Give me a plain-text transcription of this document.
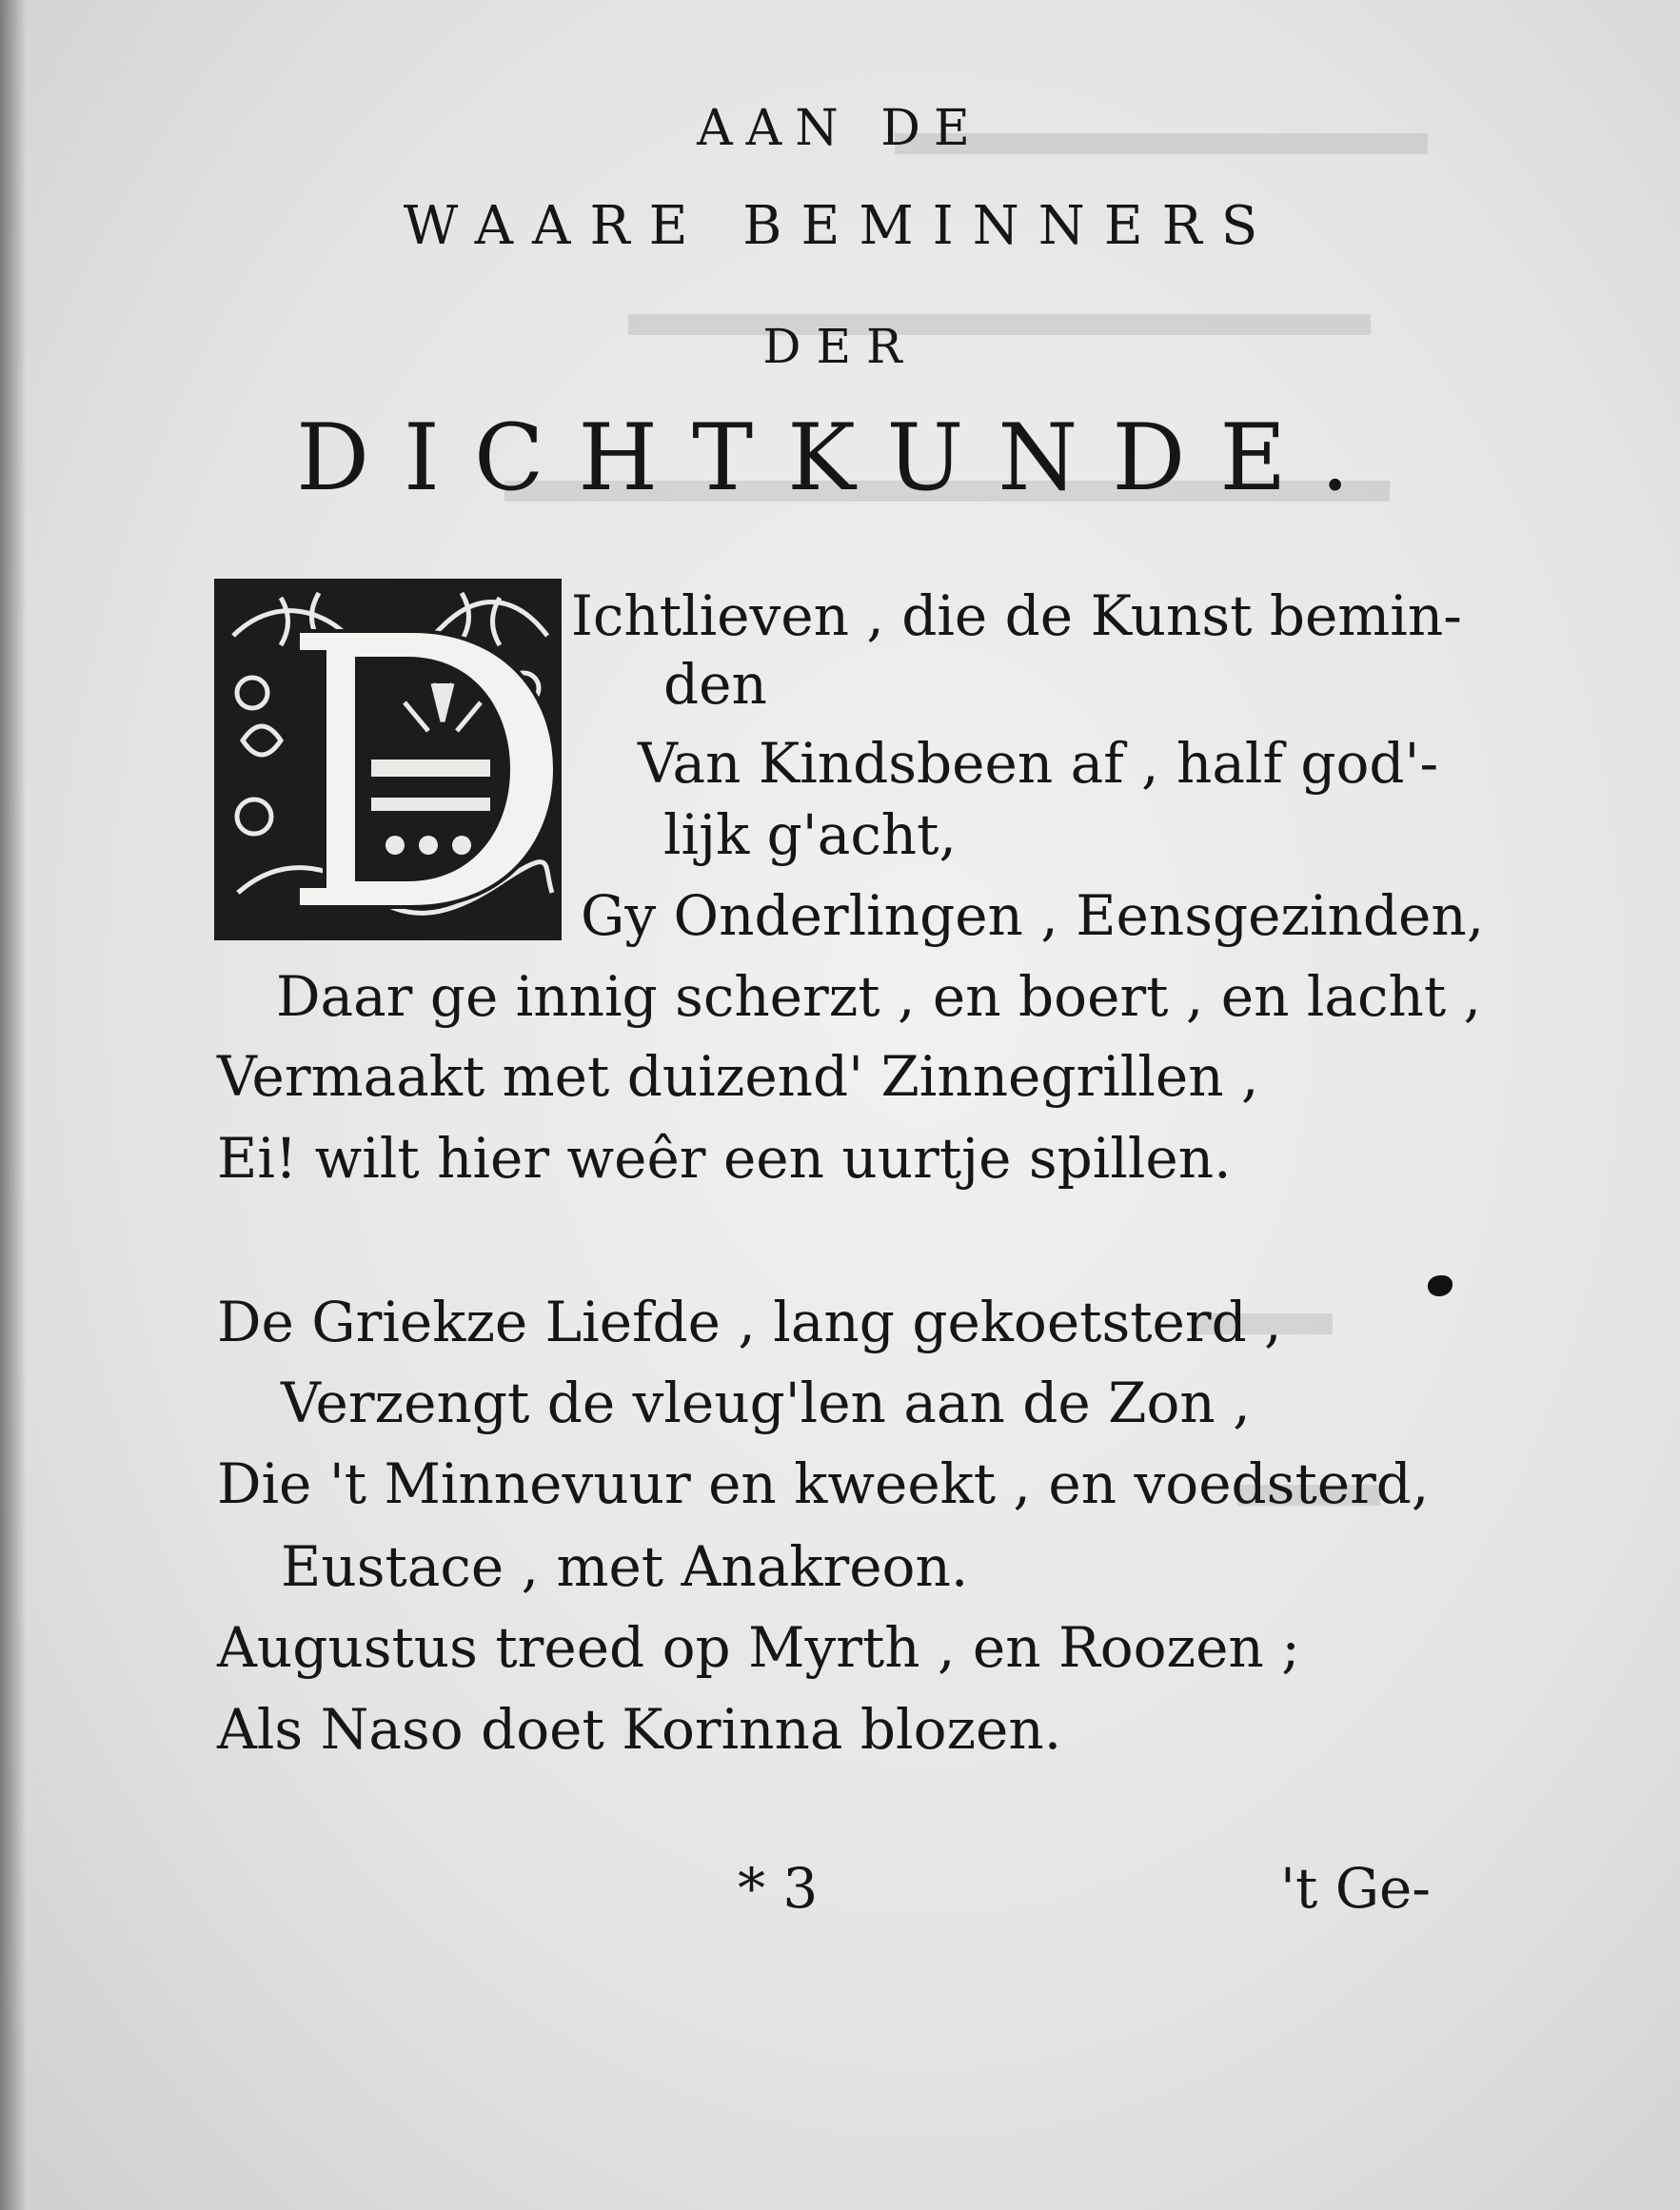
AAN DE
WAARE BEMINNERS
DER
DICHTKUNDE.
D	Ichtlieven , die de Kunst bemin-
den
Van Kindsbeen af , half god'-
lijk g'acht,
Gy Onderlingen , Eensgezinden,
Daar ge innig scherzt , en boert , en lacht ,
Vermaakt met duizend' Zinnegrillen ,
Ei! wilt hier weêr een uurtje spillen.
De Griekze Liefde , lang gekoetsterd ,
Verzengt de vleug'len aan de Zon ,
Die 't Minnevuur en kweekt , en voedsterd,
Eustace , met Anakreon.
Augustus treed op Myrth , en Roozen ;
Als Naso doet Korinna blozen.
* 3	't Ge-
